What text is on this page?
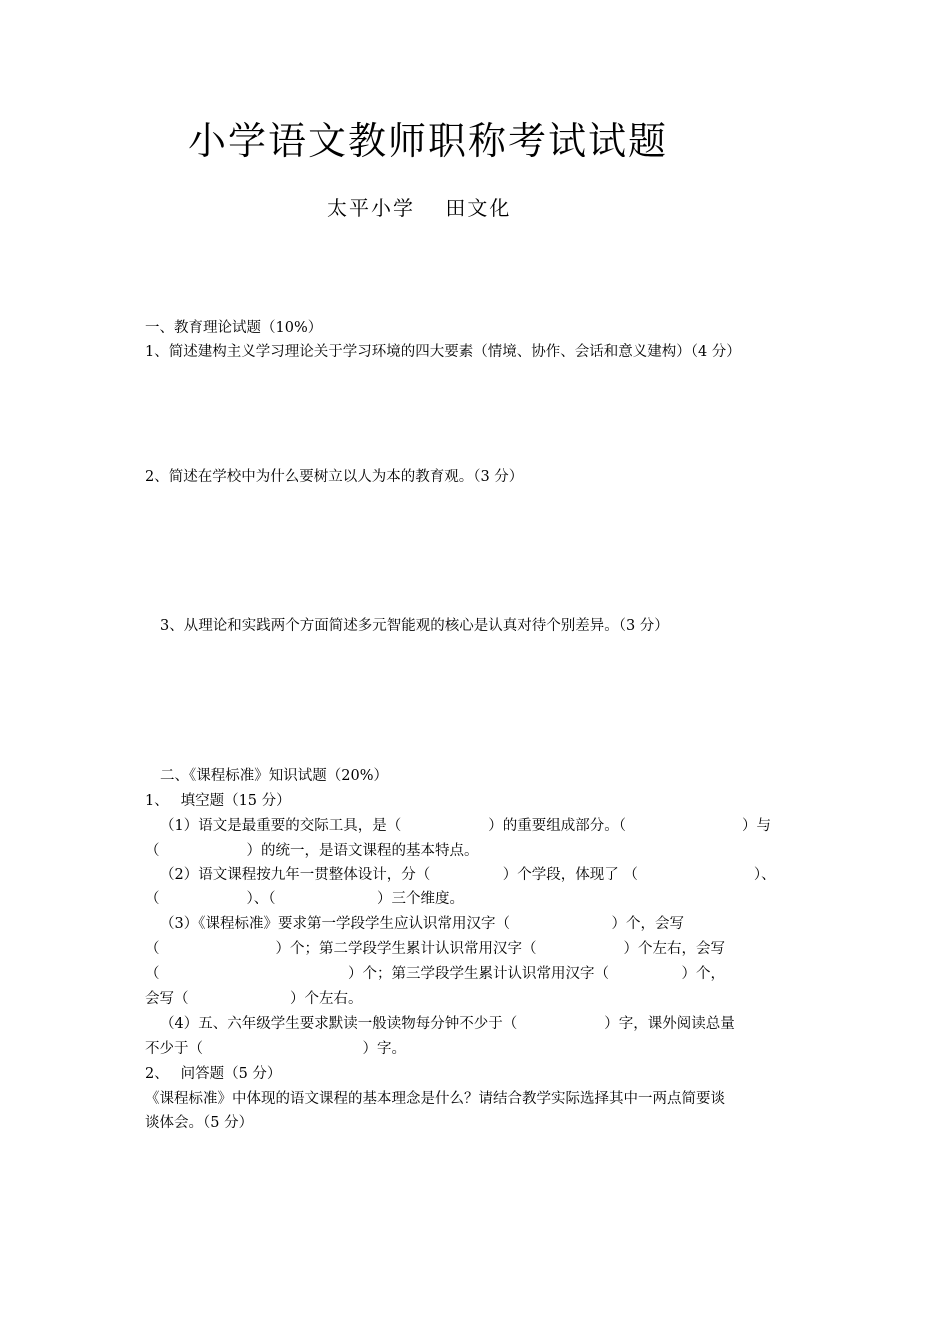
小学语文教师职称考试试题
太平小学　 田文化
一、教育理论试题（10%）
1、简述建构主义学习理论关于学习环境的四大要素（情境、协作、会话和意义建构）（4 分）
2、简述在学校中为什么要树立以人为本的教育观。（3 分）
3、从理论和实践两个方面简述多元智能观的核心是认真对待个别差异。（3 分）
二、《课程标准》知识试题（20%）
1、　 填空题（15 分）
（1）语文是最重要的交际工具，是（　　　　　　）的重要组成部分。（　　　　　　　　）与
（　　　　　　）的统一，是语文课程的基本特点。
（2）语文课程按九年一贯整体设计，分（　　　　　）个学段，体现了 （　　　　　　　　）、
（　　　　　　）、（　　　　　　　）三个维度。
（3）《课程标准》要求第一学段学生应认识常用汉字（　　　　　　　）个，会写
（　　　　　　　　）个；第二学段学生累计认识常用汉字（　　　　　　）个左右，会写
（　　　　　　　　　　　　　）个；第三学段学生累计认识常用汉字（　　　　　）个，
会写（　　　　　　　）个左右。
（4）五、六年级学生要求默读一般读物每分钟不少于（　　　　　　）字，课外阅读总量
不少于（　　　　　　　　　　　）字。
2、　 问答题（5 分）
《课程标准》中体现的语文课程的基本理念是什么？请结合教学实际选择其中一两点简要谈
谈体会。（5 分）
